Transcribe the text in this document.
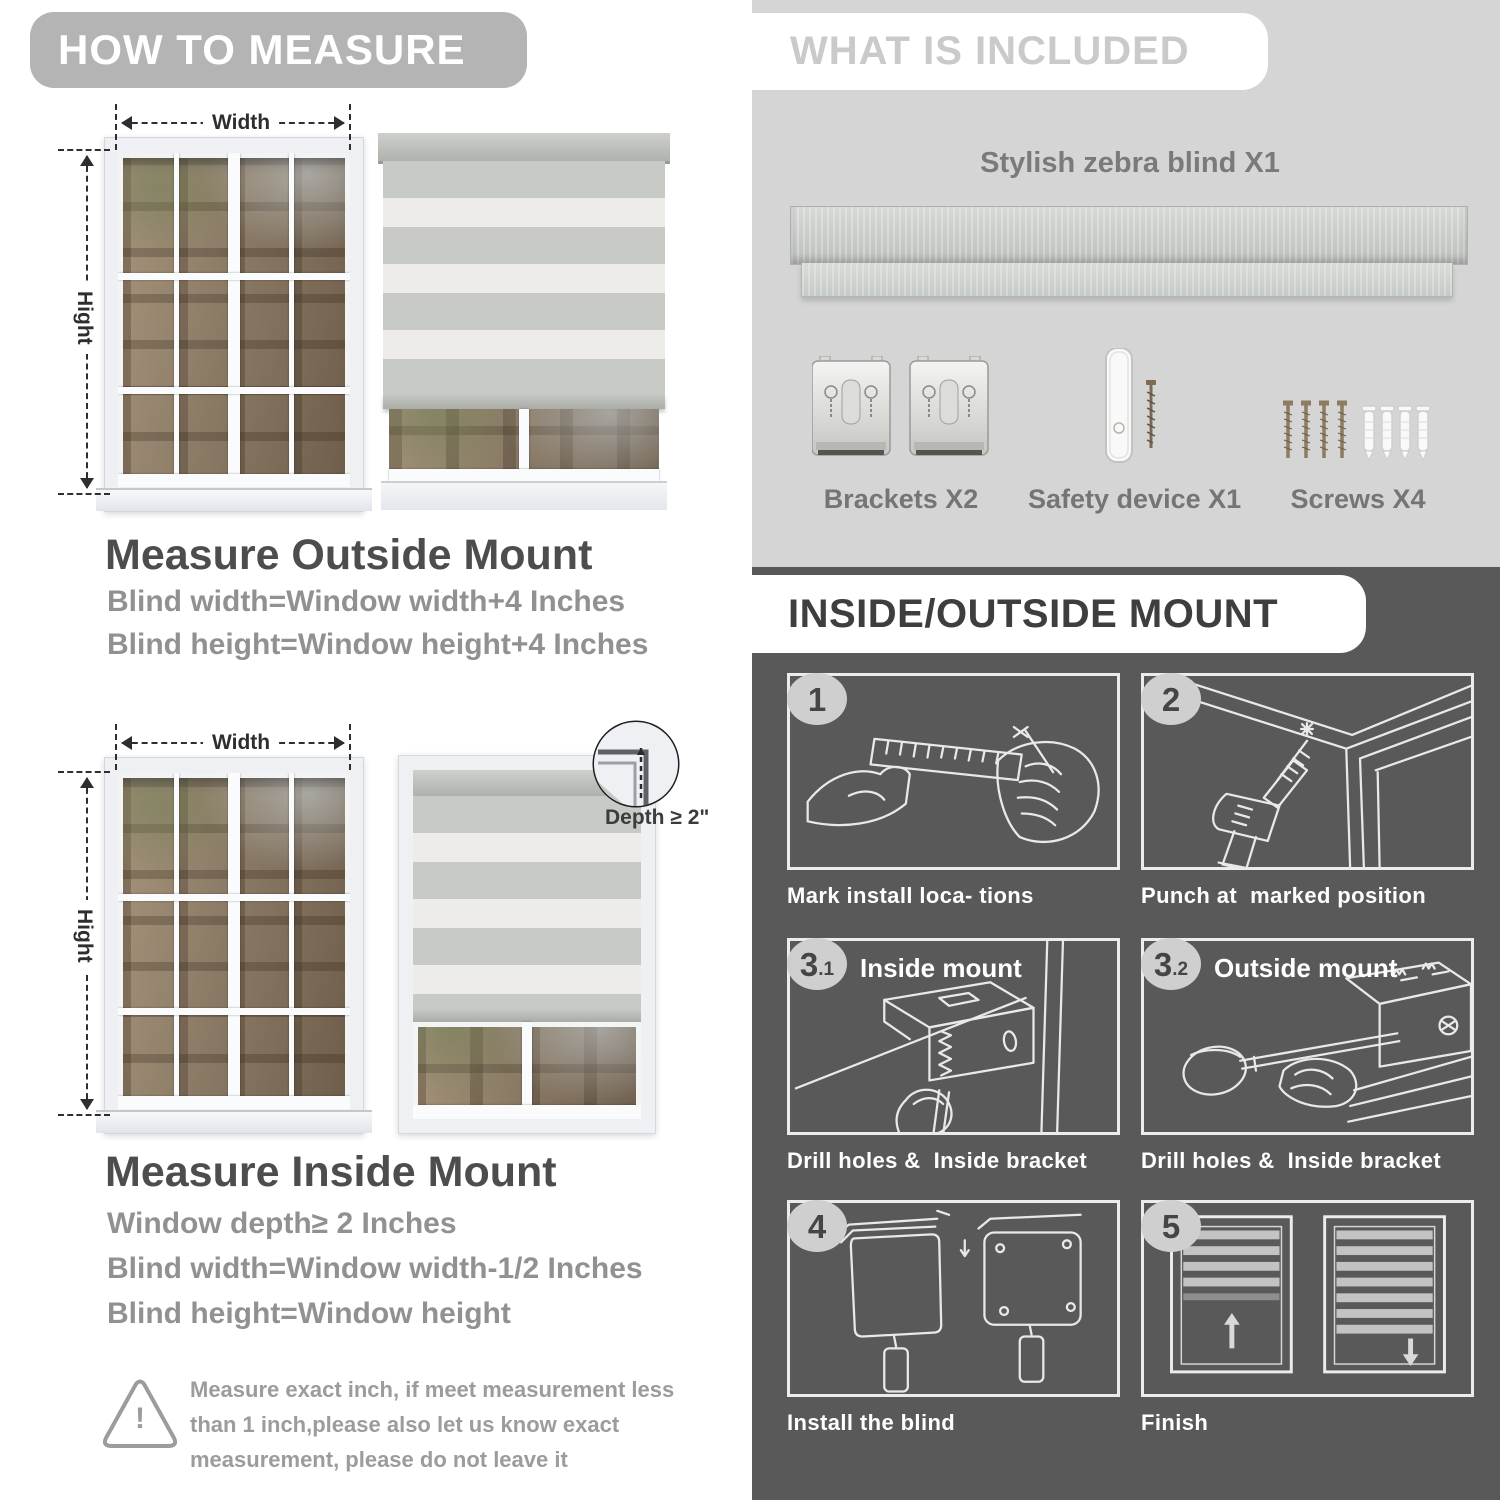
HOW TO MEASURE
Width
Hight
Measure Outside Mount
Blind width=Window width+4 Inches
Blind height=Window height+4 Inches
Width
Hight
Depth ≥ 2"
Measure Inside Mount
Window depth≥ 2 Inches
Blind width=Window width-1/2 Inches
Blind height=Window height
!
Measure exact inch, if meet measurement less
than 1 inch,please also let us know exact
measurement, please do not leave it
WHAT IS INCLUDED
Stylish zebra blind X1
Brackets X2	Safety device X1 Screws X4
INSIDE/OUTSIDE MOUNT
1
Mark install loca- tions
2
Punch at  marked position
3 .1 Inside mount
Drill holes &  Inside bracket
3 .2 Outside mount
Drill holes &  Inside bracket
4
Install the blind
5
Finish
